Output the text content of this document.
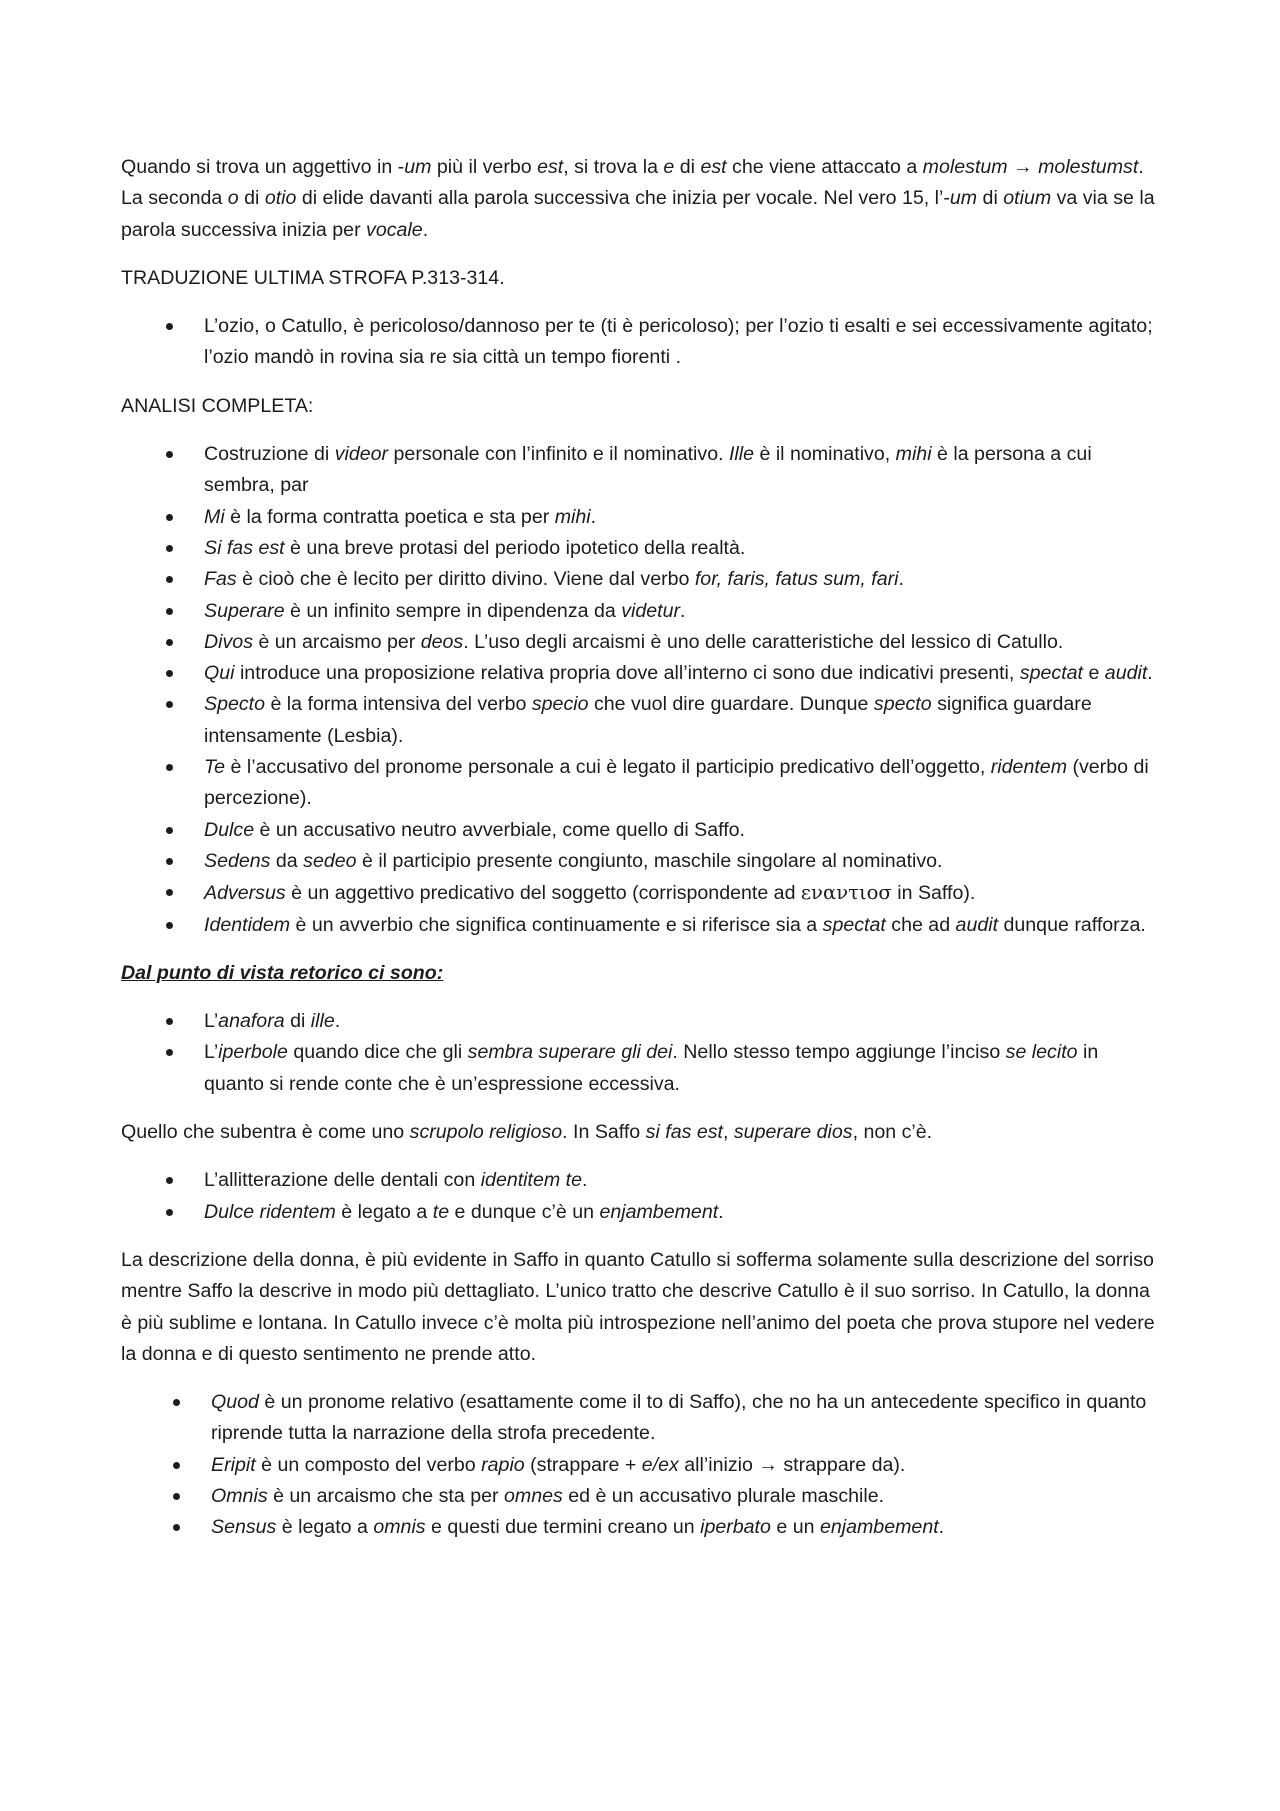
Quando si trova un aggettivo in -um più il verbo est, si trova la e di est che viene attaccato a molestum → molestumst. La seconda o di otio di elide davanti alla parola successiva che inizia per vocale. Nel vero 15, l’-um di otium va via se la parola successiva inizia per vocale.

TRADUZIONE ULTIMA STROFA P.313-314.

L’ozio, o Catullo, è pericoloso/dannoso per te (ti è pericoloso); per l’ozio ti esalti e sei eccessivamente agitato; l’ozio mandò in rovina sia re sia città un tempo fiorenti .

ANALISI COMPLETA:

Costruzione di videor personale con l’infinito e il nominativo. Ille è il nominativo, mihi è la persona a cui sembra, par
Mi è la forma contratta poetica e sta per mihi.
Si fas est è una breve protasi del periodo ipotetico della realtà.
Fas è cioò che è lecito per diritto divino. Viene dal verbo for, faris, fatus sum, fari.
Superare è un infinito sempre in dipendenza da videtur.
Divos è un arcaismo per deos. L’uso degli arcaismi è uno delle caratteristiche del lessico di Catullo.
Qui introduce una proposizione relativa propria dove all’interno ci sono due indicativi presenti, spectat e audit.
Specto è la forma intensiva del verbo specio che vuol dire guardare. Dunque specto significa guardare intensamente (Lesbia).
Te è l’accusativo del pronome personale a cui è legato il participio predicativo dell’oggetto, ridentem (verbo di percezione).
Dulce è un accusativo neutro avverbiale, come quello di Saffo.
Sedens da sedeo è il participio presente congiunto, maschile singolare al nominativo.
Adversus è un aggettivo predicativo del soggetto (corrispondente ad εναντιοσ in Saffo).
Identidem è un avverbio che significa continuamente e si riferisce sia a spectat che ad audit dunque rafforza.

Dal punto di vista retorico ci sono:

L’anafora di ille.
L’iperbole quando dice che gli sembra superare gli dei. Nello stesso tempo aggiunge l’inciso se lecito in quanto si rende conte che è un’espressione eccessiva.

Quello che subentra è come uno scrupolo religioso. In Saffo si fas est, superare dios, non c’è.

L’allitterazione delle dentali con identitem te.
Dulce ridentem è legato a te e dunque c’è un enjambement.

La descrizione della donna, è più evidente in Saffo in quanto Catullo si sofferma solamente sulla descrizione del sorriso mentre Saffo la descrive in modo più dettagliato. L’unico tratto che descrive Catullo è il suo sorriso. In Catullo, la donna è più sublime e lontana. In Catullo invece c’è molta più introspezione nell’animo del poeta che prova stupore nel vedere la donna e di questo sentimento ne prende atto.

Quod è un pronome relativo (esattamente come il to di Saffo), che no ha un antecedente specifico in quanto riprende tutta la narrazione della strofa precedente.
Eripit è un composto del verbo rapio (strappare + e/ex all’inizio → strappare da).
Omnis è un arcaismo che sta per omnes ed è un accusativo plurale maschile.
Sensus è legato a omnis e questi due termini creano un iperbato e un enjambement.
